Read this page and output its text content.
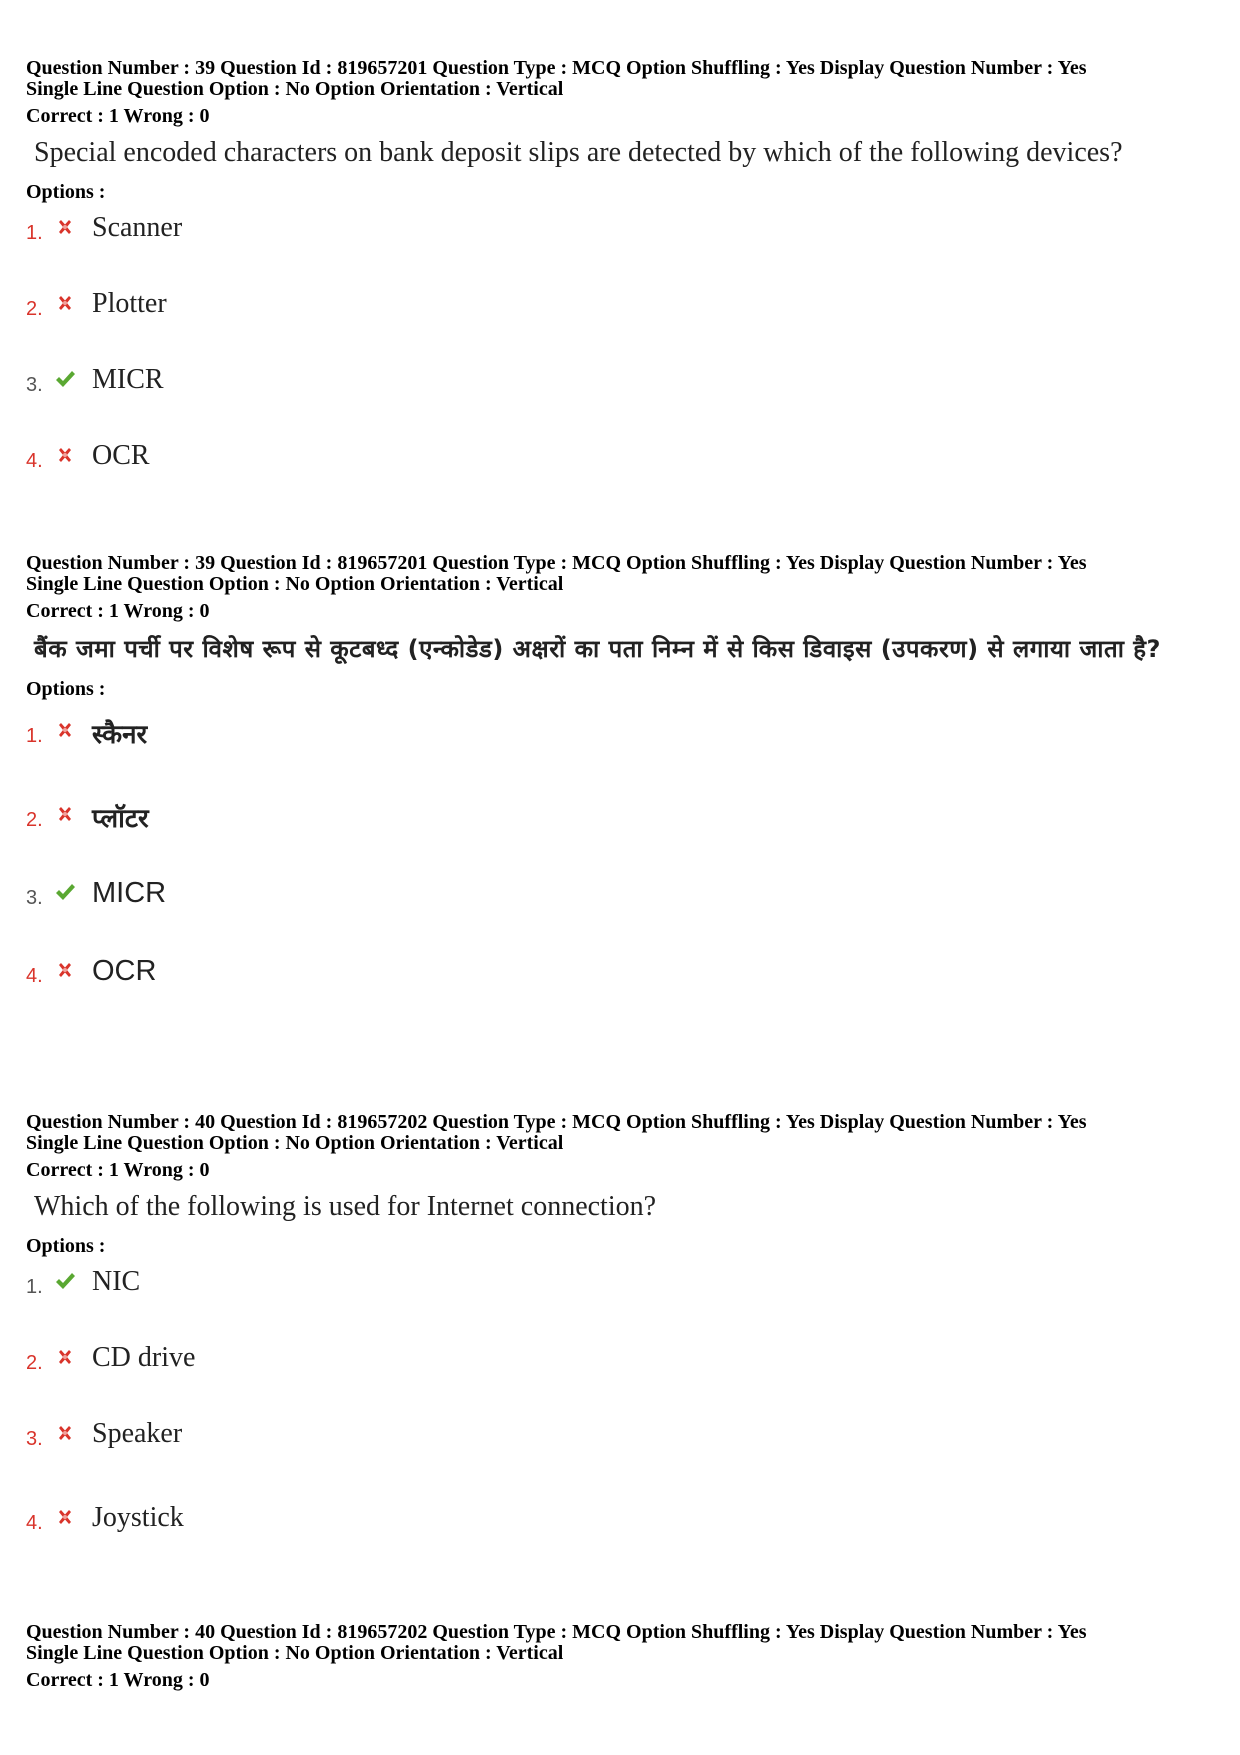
Question Number : 39 Question Id : 819657201 Question Type : MCQ Option Shuffling : Yes Display Question Number : Yes
Single Line Question Option : No Option Orientation : Vertical
Correct : 1 Wrong : 0
Special encoded characters on bank deposit slips are detected by which of the following devices?
Options :
1. Scanner
2. Plotter
3. MICR
4. OCR
Question Number : 39 Question Id : 819657201 Question Type : MCQ Option Shuffling : Yes Display Question Number : Yes
Single Line Question Option : No Option Orientation : Vertical
Correct : 1 Wrong : 0
बैंक जमा पर्ची पर विशेष रूप से कूटबध्द (एन्कोडेड) अक्षरों का पता निम्न में से किस डिवाइस (उपकरण) से लगाया जाता है?
Options :
1. स्कैनर
2. प्लॉटर
3. MICR
4. OCR
Question Number : 40 Question Id : 819657202 Question Type : MCQ Option Shuffling : Yes Display Question Number : Yes
Single Line Question Option : No Option Orientation : Vertical
Correct : 1 Wrong : 0
Which of the following is used for Internet connection?
Options :
1. NIC
2. CD drive
3. Speaker
4. Joystick
Question Number : 40 Question Id : 819657202 Question Type : MCQ Option Shuffling : Yes Display Question Number : Yes
Single Line Question Option : No Option Orientation : Vertical
Correct : 1 Wrong : 0
